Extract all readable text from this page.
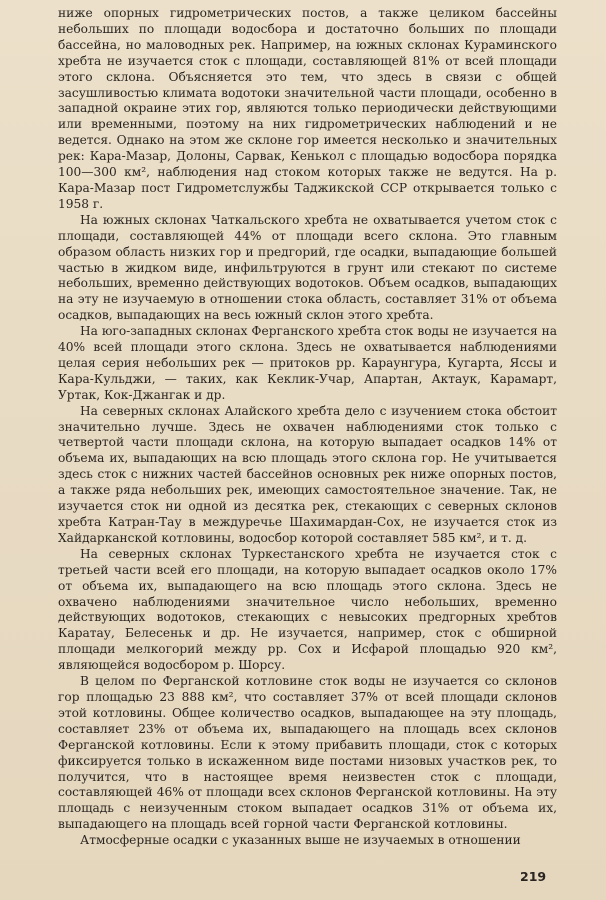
ниже опорных гидрометрических постов, а также целиком бассейны небольших по площади водосбора и достаточно больших по площади бассейна, но маловодных рек. Например, на южных склонах Кураминского хребта не изучается сток с площади, составляющей 81% от всей площади этого склона. Объясняется это тем, что здесь в связи с общей засушливостью климата водотоки значительной части площади, особенно в западной окраине этих гор, являются только периодически действующими или временными, поэтому на них гидрометрических наблюдений и не ведется. Однако на этом же склоне гор имеется несколько и значительных рек: Кара-Мазар, Долоны, Сарвак, Кенькол с площадью водосбора порядка 100—300 км², наблюдения над стоком которых также не ведутся. На р. Кара-Мазар пост Гидрометслужбы Таджикской ССР открывается только с 1958 г.

На южных склонах Чаткальского хребта не охватывается учетом сток с площади, составляющей 44% от площади всего склона. Это главным образом область низких гор и предгорий, где осадки, выпадающие большей частью в жидком виде, инфильтруются в грунт или стекают по системе небольших, временно действующих водотоков. Объем осадков, выпадающих на эту не изучаемую в отношении стока область, составляет 31% от объема осадков, выпадающих на весь южный склон этого хребта.

На юго-западных склонах Ферганского хребта сток воды не изучается на 40% всей площади этого склона. Здесь не охватывается наблюдениями целая серия небольших рек — притоков рр. Караунгура, Кугарта, Яссы и Кара-Кульджи, — таких, как Кеклик-Учар, Апартан, Актаук, Карамарт, Уртак, Кок-Джангак и др.

На северных склонах Алайского хребта дело с изучением стока обстоит значительно лучше. Здесь не охвачен наблюдениями сток только с четвертой части площади склона, на которую выпадает осадков 14% от объема их, выпадающих на всю площадь этого склона гор. Не учитывается здесь сток с нижних частей бассейнов основных рек ниже опорных постов, а также ряда небольших рек, имеющих самостоятельное значение. Так, не изучается сток ни одной из десятка рек, стекающих с северных склонов хребта Катран-Тау в междуречье Шахимардан-Сох, не изучается сток из Хайдарканской котловины, водосбор которой составляет 585 км², и т. д.

На северных склонах Туркестанского хребта не изучается сток с третьей части всей его площади, на которую выпадает осадков около 17% от объема их, выпадающего на всю площадь этого склона. Здесь не охвачено наблюдениями значительное число небольших, временно действующих водотоков, стекающих с невысоких предгорных хребтов Каратау, Белесеньк и др. Не изучается, например, сток с обширной площади мелкогорий между рр. Сох и Исфарой площадью 920 км², являющейся водосбором р. Шорсу.

В целом по Ферганской котловине сток воды не изучается со склонов гор площадью 23 888 км², что составляет 37% от всей площади склонов этой котловины. Общее количество осадков, выпадающее на эту площадь, составляет 23% от объема их, выпадающего на площадь всех склонов Ферганской котловины. Если к этому прибавить площади, сток с которых фиксируется только в искаженном виде постами низовых участков рек, то получится, что в настоящее время неизвестен сток с площади, составляющей 46% от площади всех склонов Ферганской котловины. На эту площадь с неизученным стоком выпадает осадков 31% от объема их, выпадающего на площадь всей горной части Ферганской котловины.

Атмосферные осадки с указанных выше не изучаемых в отношении

219
